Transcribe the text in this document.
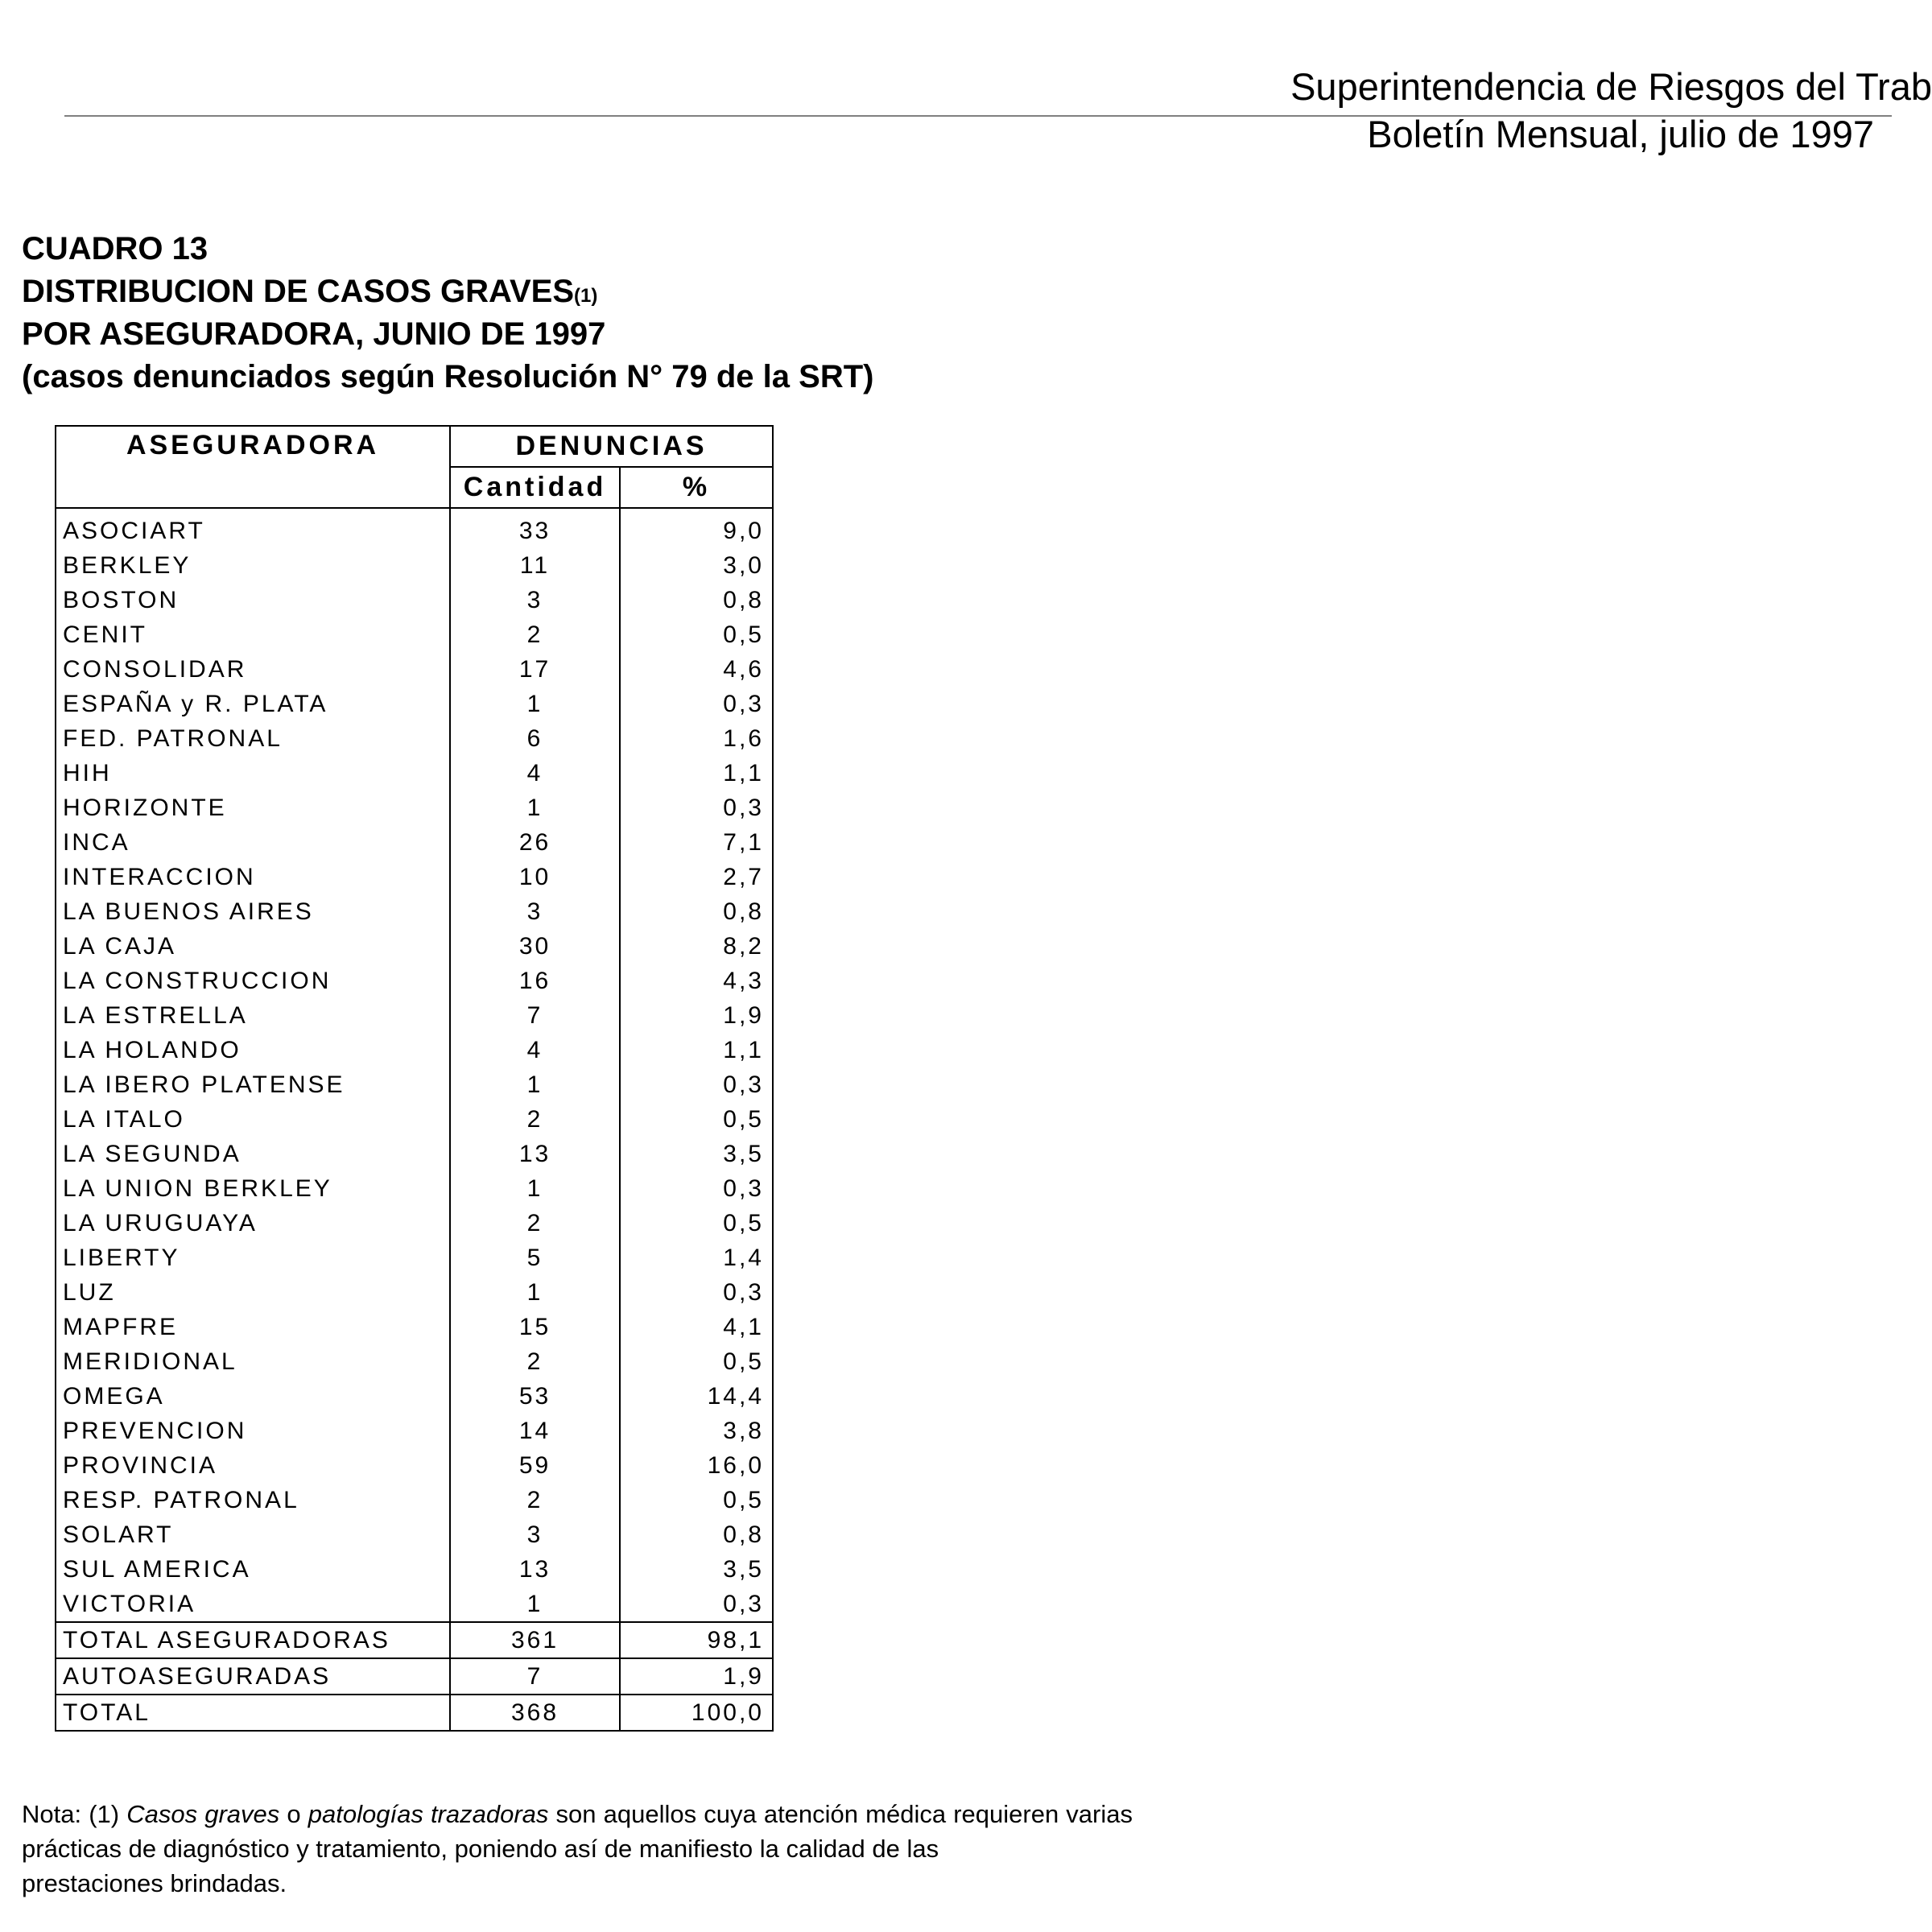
Superintendencia de Riesgos del Trab
Boletín Mensual, julio de 1997
CUADRO 13
DISTRIBUCION DE CASOS GRAVES$^{(1)}$
POR ASEGURADORA, JUNIO DE 1997
(casos denunciados según Resolución N° 79 de la SRT)
ASEGURADORA	DENUNCIAS	
	Cantidad	%
ASOCIART	33	9,0
BERKLEY	11	3,0
BOSTON	3	0,8
CENIT	2	0,5
CONSOLIDAR	17	4,6
ESPAÑA y R. PLATA	1	0,3
FED. PATRONAL	6	1,6
HIH	4	1,1
HORIZONTE	1	0,3
INCA	26	7,1
INTERACCION	10	2,7
LA BUENOS AIRES	3	0,8
LA CAJA	30	8,2
LA CONSTRUCCION	16	4,3
LA ESTRELLA	7	1,9
LA HOLANDO	4	1,1
LA IBERO PLATENSE	1	0,3
LA ITALO	2	0,5
LA SEGUNDA	13	3,5
LA UNION BERKLEY	1	0,3
LA URUGUAYA	2	0,5
LIBERTY	5	1,4
LUZ	1	0,3
MAPFRE	15	4,1
MERIDIONAL	2	0,5
OMEGA	53	14,4
PREVENCION	14	3,8
PROVINCIA	59	16,0
RESP. PATRONAL	2	0,5
SOLART	3	0,8
SUL AMERICA	13	3,5
VICTORIA	1	0,3
TOTAL ASEGURADORAS	361	98,1
AUTOASEGURADAS	7	1,9
TOTAL	368	100,0
Nota: (1) Casos graves o patologías trazadoras son aquellos cuya atención médica requieren varias prácticas de diagnóstico y tratamiento, poniendo así de manifiesto la calidad de las
prestaciones brindadas.
